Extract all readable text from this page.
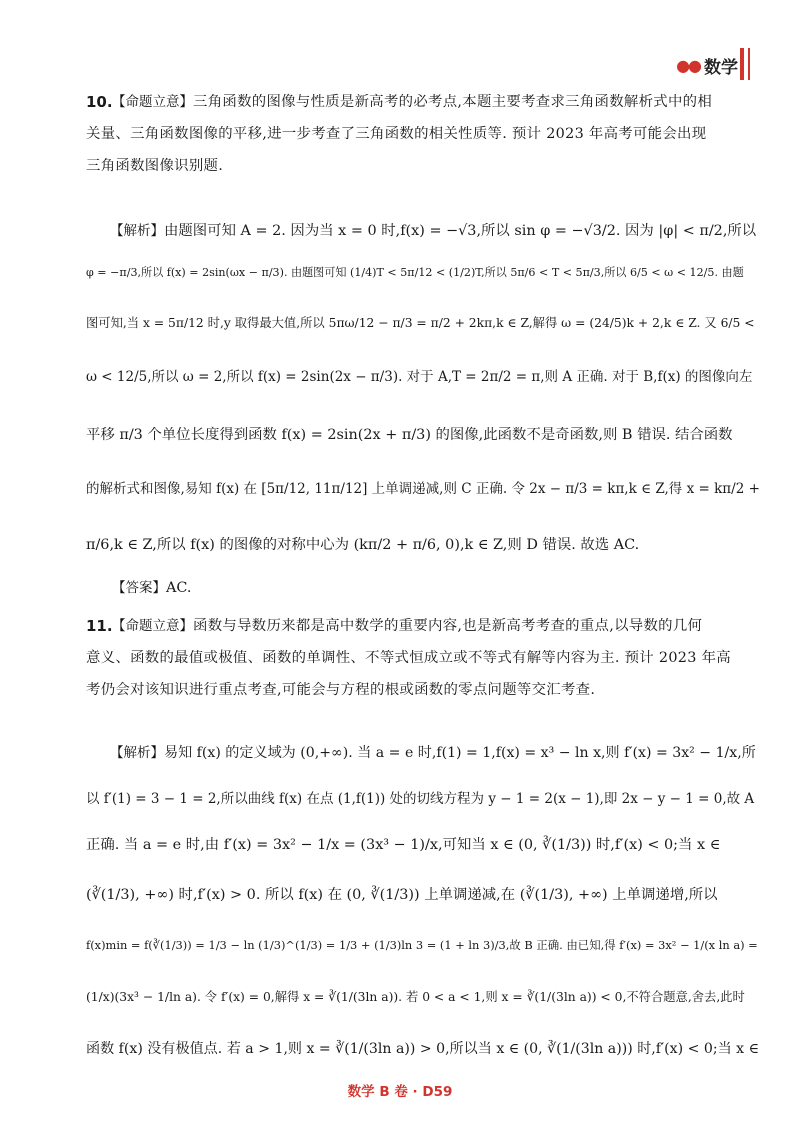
●● 数学
10. 【命题立意】三角函数的图像与性质是新高考的必考点,本题主要考查求三角函数解析式中的相

关量、三角函数图像的平移,进一步考查了三角函数的相关性质等. 预计 2023 年高考可能会出现

三角函数图像识别题.

【解析】由题图可知 A = 2. 因为当 x = 0 时,f(x) = −√3,所以 sin φ = −√3/2. 因为 |φ| < π/2,所以
φ = −π/3,所以 f(x) = 2sin(ωx − π/3). 由题图可知 (1/4)T < 5π/12 < (1/2)T,所以 5π/6 < T < 5π/3,所以 6/5 < ω < 12/5. 由题
图可知,当 x = 5π/12 时,y 取得最大值,所以 5πω/12 − π/3 = π/2 + 2kπ,k ∈ Z,解得 ω = (24/5)k + 2,k ∈ Z. 又 6/5 <
ω < 12/5,所以 ω = 2,所以 f(x) = 2sin(2x − π/3). 对于 A,T = 2π/2 = π,则 A 正确. 对于 B,f(x) 的图像向左
平移 π/3 个单位长度得到函数 f(x) = 2sin(2x + π/3) 的图像,此函数不是奇函数,则 B 错误. 结合函数
的解析式和图像,易知 f(x) 在 [5π/12, 11π/12] 上单调递减,则 C 正确. 令 2x − π/3 = kπ,k ∈ Z,得 x = kπ/2 +
π/6,k ∈ Z,所以 f(x) 的图像的对称中心为 (kπ/2 + π/6, 0),k ∈ Z,则 D 错误. 故选 AC.
【答案】AC.
11. 【命题立意】函数与导数历来都是高中数学的重要内容,也是新高考考查的重点,以导数的几何

意义、函数的最值或极值、函数的单调性、不等式恒成立或不等式有解等内容为主. 预计 2023 年高

考仍会对该知识进行重点考查,可能会与方程的根或函数的零点问题等交汇考查.

【解析】易知 f(x) 的定义域为 (0,+∞). 当 a = e 时,f(1) = 1,f(x) = x³ − ln x,则 f′(x) = 3x² − 1/x,所
以 f′(1) = 3 − 1 = 2,所以曲线 f(x) 在点 (1,f(1)) 处的切线方程为 y − 1 = 2(x − 1),即 2x − y − 1 = 0,故 A
正确. 当 a = e 时,由 f′(x) = 3x² − 1/x = (3x³ − 1)/x,可知当 x ∈ (0, ∛(1/3)) 时,f′(x) < 0;当 x ∈
(∛(1/3), +∞) 时,f′(x) > 0. 所以 f(x) 在 (0, ∛(1/3)) 上单调递减,在 (∛(1/3), +∞) 上单调递增,所以
f(x)min = f(∛(1/3)) = 1/3 − ln (1/3)^(1/3) = 1/3 + (1/3)ln 3 = (1 + ln 3)/3,故 B 正确. 由已知,得 f′(x) = 3x² − 1/(x ln a) =
(1/x)(3x³ − 1/ln a). 令 f′(x) = 0,解得 x = ∛(1/(3ln a)). 若 0 < a < 1,则 x = ∛(1/(3ln a)) < 0,不符合题意,舍去,此时
函数 f(x) 没有极值点. 若 a > 1,则 x = ∛(1/(3ln a)) > 0,所以当 x ∈ (0, ∛(1/(3ln a))) 时,f′(x) < 0;当 x ∈
数学 B 卷 · D59
